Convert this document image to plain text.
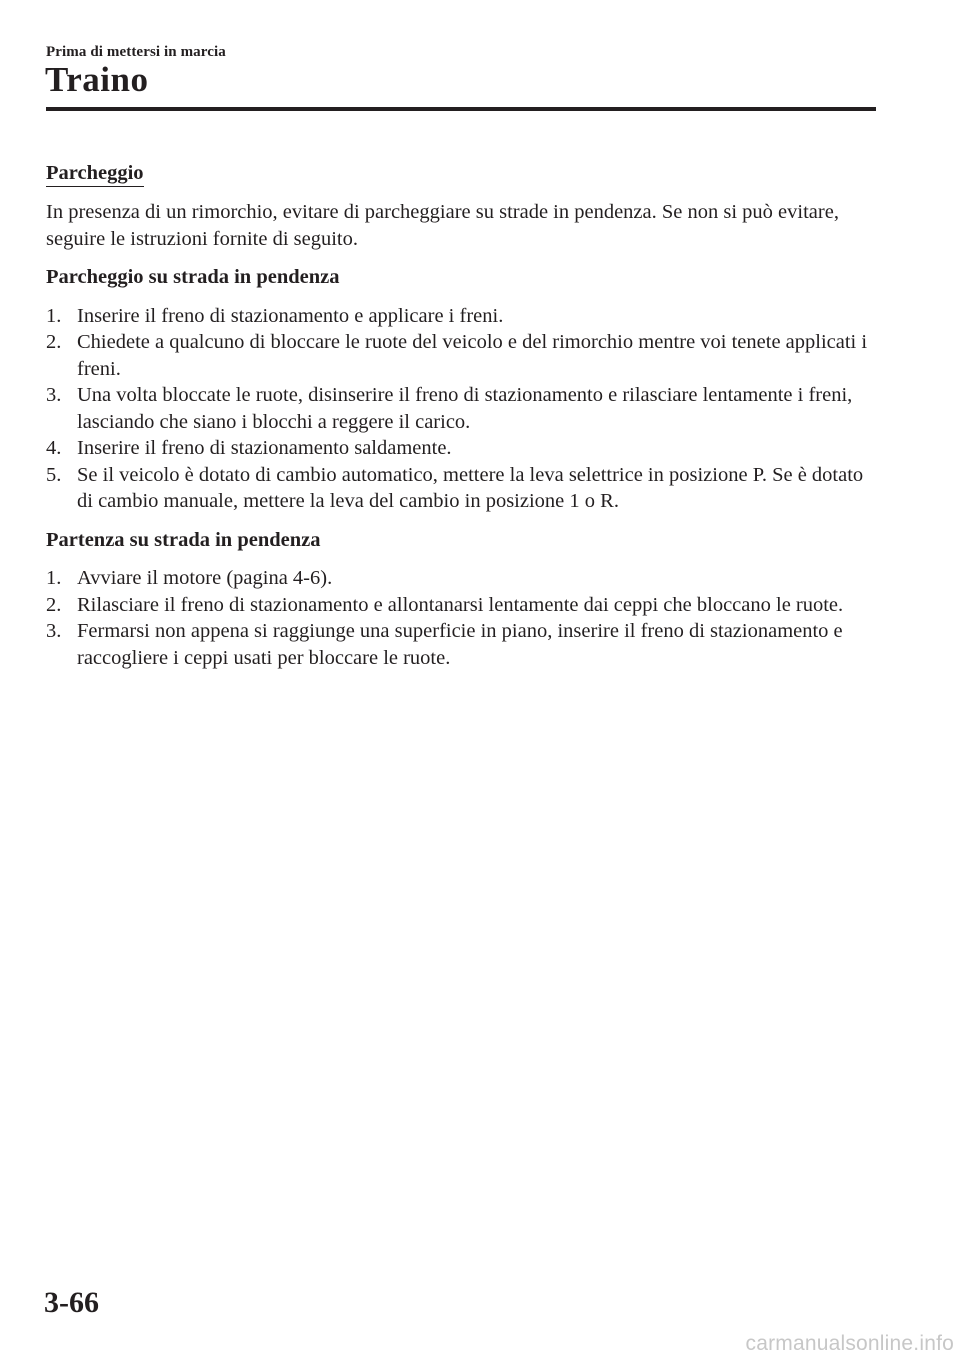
Prima di mettersi in marcia
Traino
Parcheggio

In presenza di un rimorchio, evitare di parcheggiare su strade in pendenza. Se non si può evitare, seguire le istruzioni fornite di seguito.

Parcheggio su strada in pendenza
1. Inserire il freno di stazionamento e applicare i freni.
2. Chiedete a qualcuno di bloccare le ruote del veicolo e del rimorchio mentre voi tenete applicati i freni.
3. Una volta bloccate le ruote, disinserire il freno di stazionamento e rilasciare lentamente i freni, lasciando che siano i blocchi a reggere il carico.
4. Inserire il freno di stazionamento saldamente.
5. Se il veicolo è dotato di cambio automatico, mettere la leva selettrice in posizione P. Se è dotato di cambio manuale, mettere la leva del cambio in posizione 1 o R.
Partenza su strada in pendenza
1. Avviare il motore (pagina 4-6).
2. Rilasciare il freno di stazionamento e allontanarsi lentamente dai ceppi che bloccano le ruote.
3. Fermarsi non appena si raggiunge una superficie in piano, inserire il freno di stazionamento e raccogliere i ceppi usati per bloccare le ruote.
3-66
carmanualsonline.info
